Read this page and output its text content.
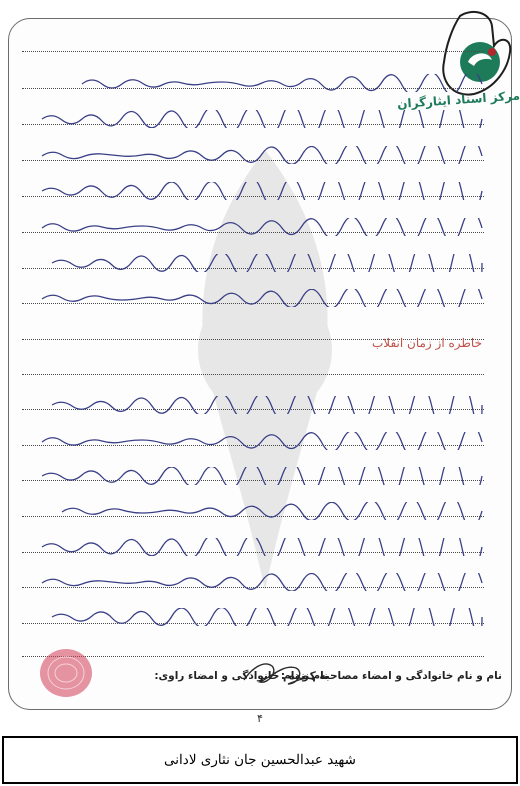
مرکز اسناد ایثارگران
خاطره از زمان انقلاب
نام و نام خانوادگی و امضاء مصاحبه کننده :
نام و نام خانوادگی و امضاء راوی:
۴
شهید عبدالحسین جان نثاری لادانی
